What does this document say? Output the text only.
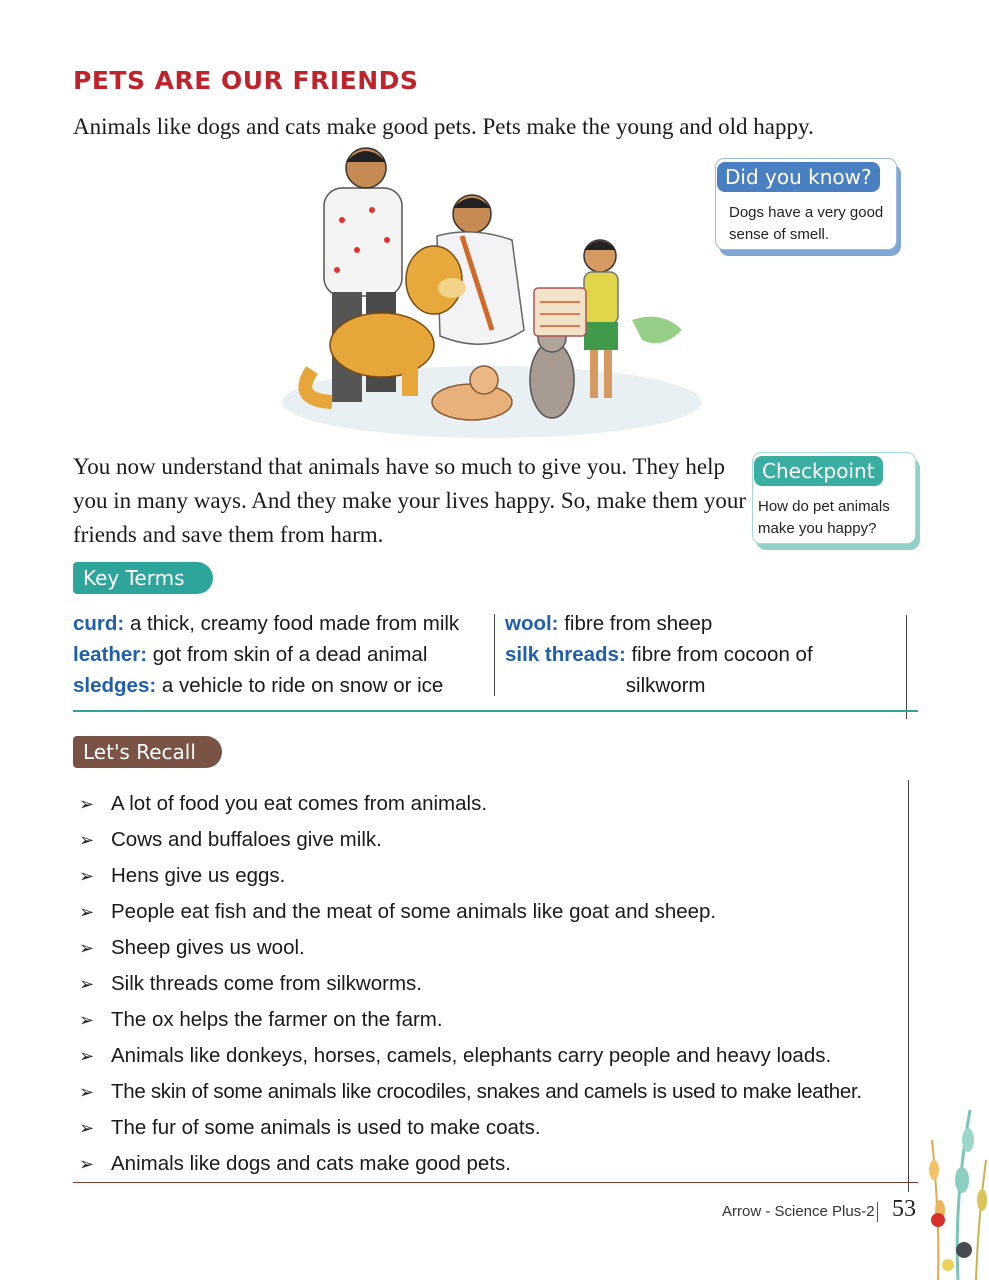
PETS ARE OUR FRIENDS
Animals like dogs and cats make good pets. Pets make the young and old happy.
Did you know?
Dogs have a very good sense of smell.
You now understand that animals have so much to give you. They help you in many ways. And they make your lives happy. So, make them your friends and save them from harm.
Checkpoint
How do pet animals make you happy?
Key Terms
curd: a thick, creamy food made from milk
leather: got from skin of a dead animal
sledges: a vehicle to ride on snow or ice
wool: fibre from sheep
silk threads: fibre from cocoon of silkworm
Let's Recall
➢ A lot of food you eat comes from animals.
➢ Cows and buffaloes give milk.
➢ Hens give us eggs.
➢ People eat fish and the meat of some animals like goat and sheep.
➢ Sheep gives us wool.
➢ Silk threads come from silkworms.
➢ The ox helps the farmer on the farm.
➢ Animals like donkeys, horses, camels, elephants carry people and heavy loads.
➢ The skin of some animals like crocodiles, snakes and camels is used to make leather.
➢ The fur of some animals is used to make coats.
➢ Animals like dogs and cats make good pets.
Arrow - Science Plus-2 53
